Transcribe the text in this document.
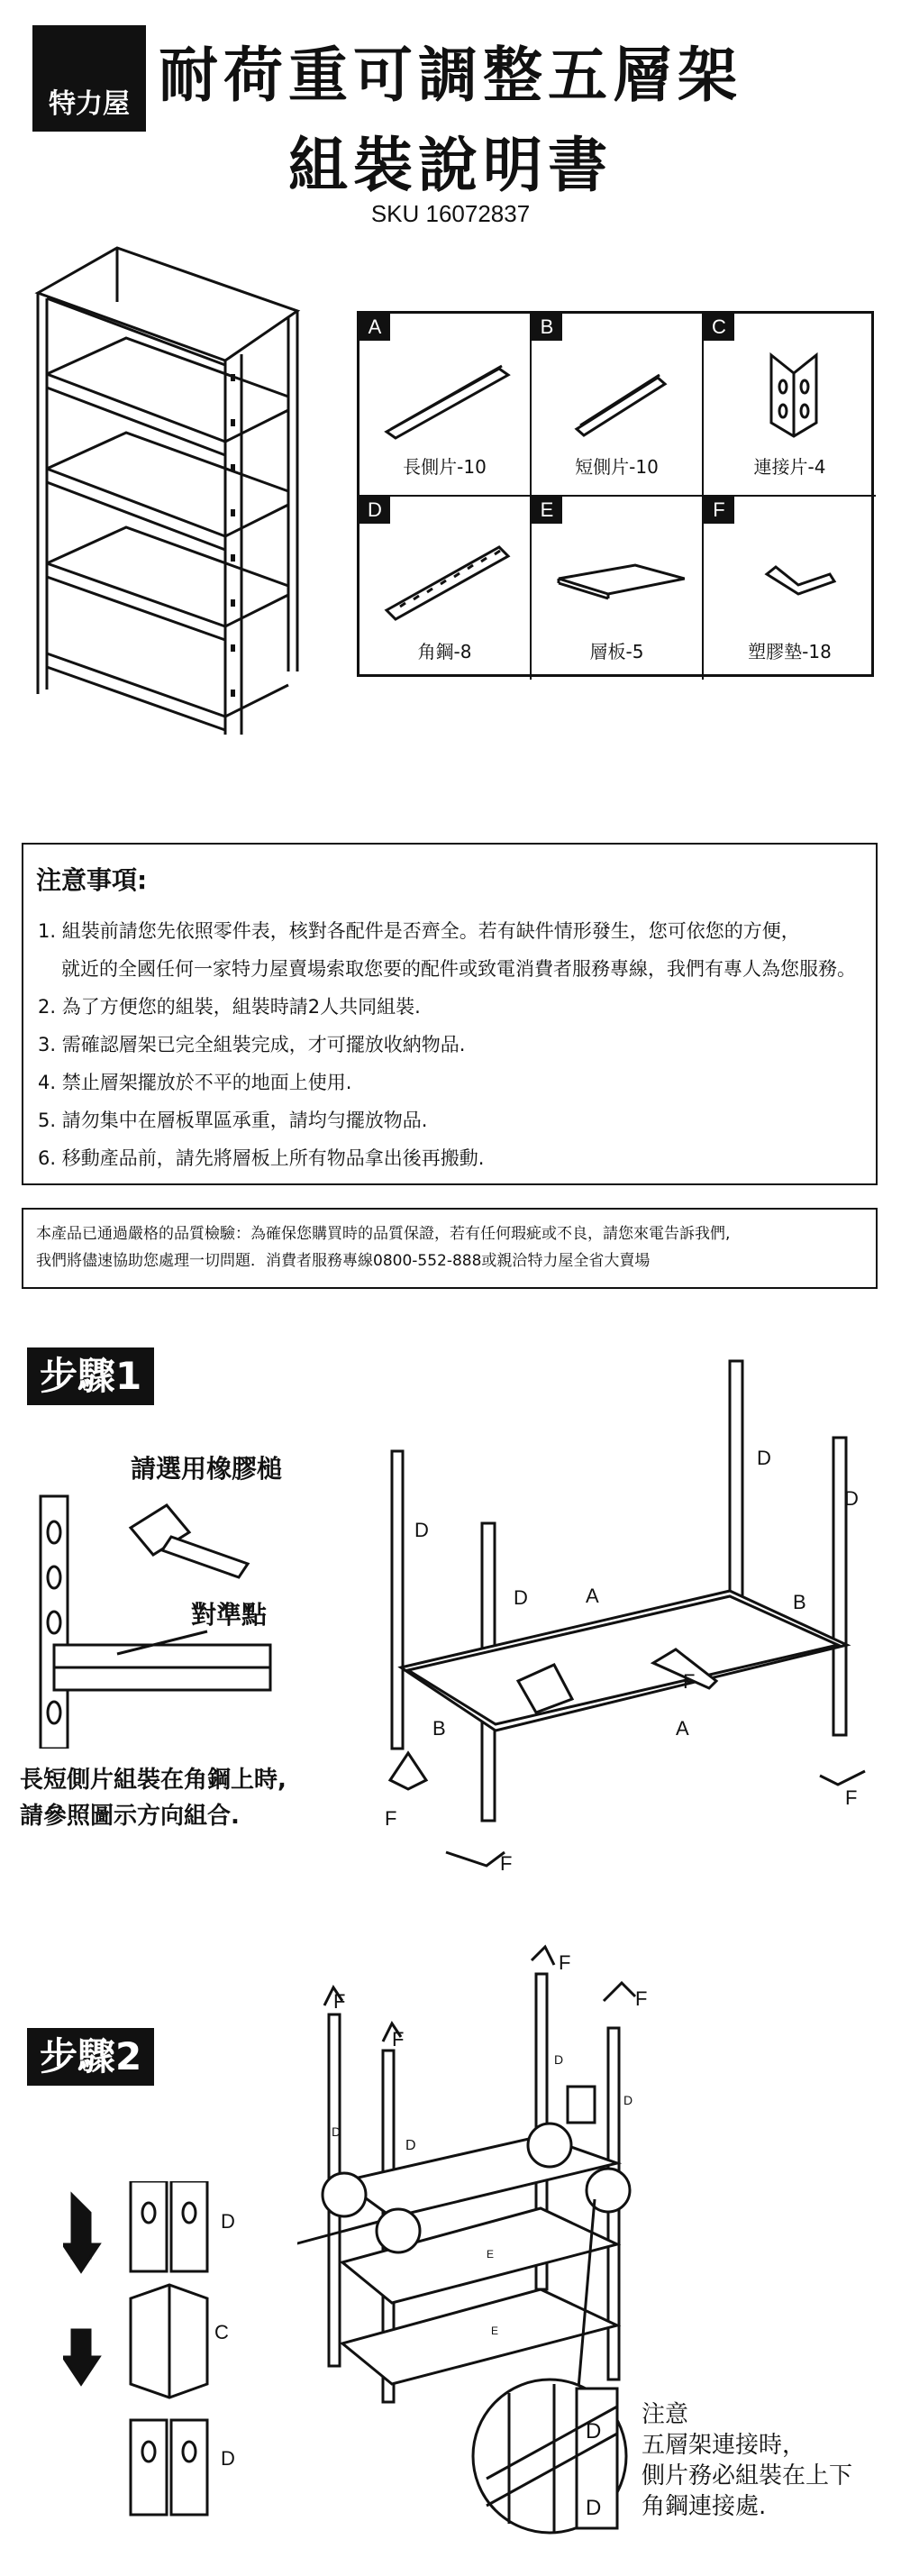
特力屋 耐荷重可調整五層架
組裝說明書
SKU 16072837
A
長側片-10
B
短側片-10
C
連接片-4
D
角鋼-8
E
層板-5
F
塑膠墊-18
注意事項:
1. 組裝前請您先依照零件表，核對各配件是否齊全。若有缺件情形發生，您可依您的方便，
就近的全國任何一家特力屋賣場索取您要的配件或致電消費者服務專線，我們有專人為您服務。
2. 為了方便您的組裝，組裝時請2人共同組裝.
3. 需確認層架已完全組裝完成，才可擺放收納物品.
4. 禁止層架擺放於不平的地面上使用.
5. 請勿集中在層板單區承重，請均勻擺放物品.
6. 移動產品前，請先將層板上所有物品拿出後再搬動.
本產品已通過嚴格的品質檢驗：為確保您購買時的品質保證，若有任何瑕疵或不良，請您來電告訴我們,
我們將儘速協助您處理一切問題．消費者服務專線0800-552-888或親洽特力屋全省大賣場
步驟1
請選用橡膠槌
對準點
長短側片組裝在角鋼上時,
請參照圖示方向組合.
D
D
D
D
A
A
B
B
F
F
F
F
步驟2
D
C
D
F
F
F
F
D
D
D
D
E
E
D
D
注意
五層架連接時，
側片務必組裝在上下
角鋼連接處.
